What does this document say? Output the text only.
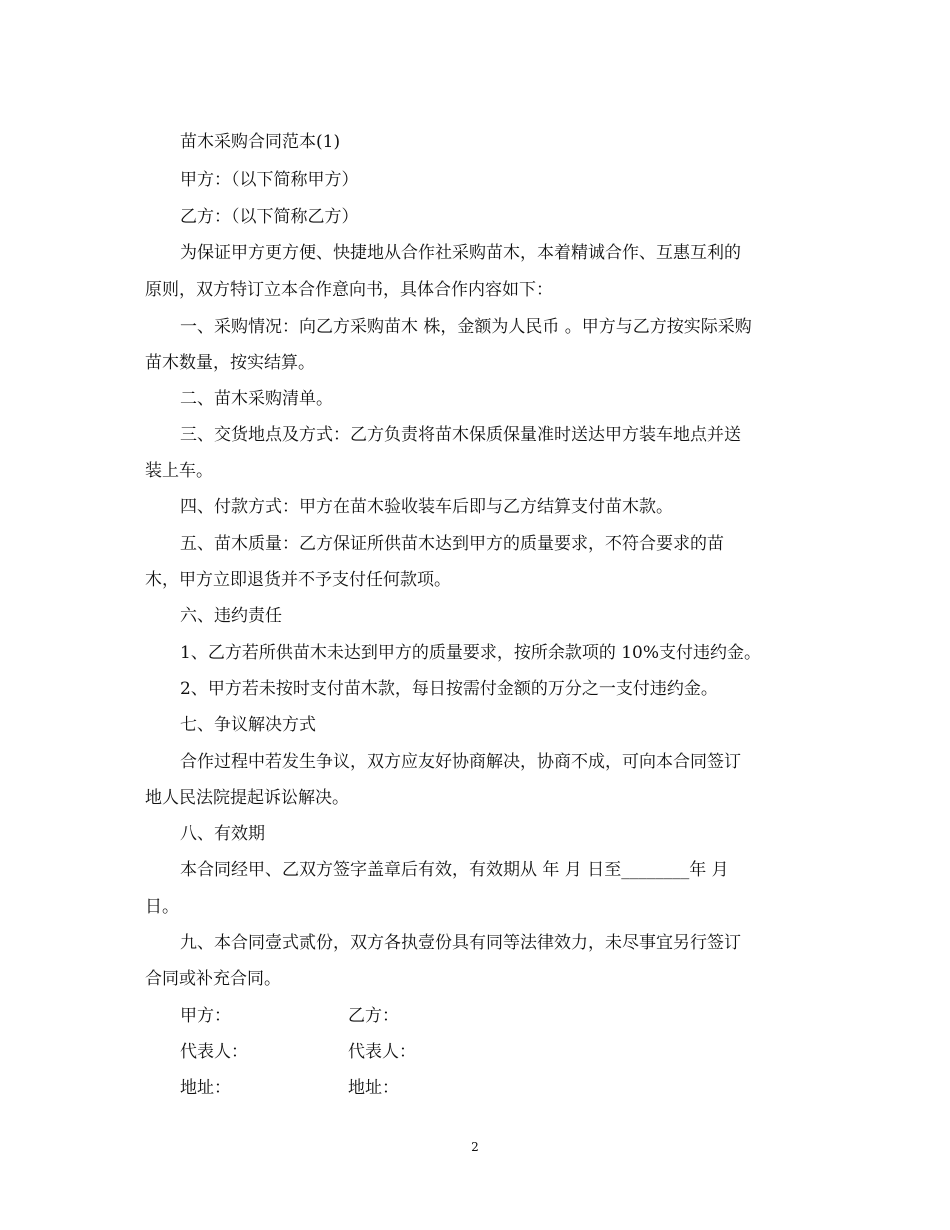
苗木采购合同范本(1)
甲方：（以下简称甲方）
乙方：（以下简称乙方）
为保证甲方更方便、快捷地从合作社采购苗木，本着精诚合作、互惠互利的
原则，双方特订立本合作意向书，具体合作内容如下：
一、采购情况：向乙方采购苗木 株，金额为人民币 。甲方与乙方按实际采购
苗木数量，按实结算。
二、苗木采购清单。
三、交货地点及方式：乙方负责将苗木保质保量准时送达甲方装车地点并送
装上车。
四、付款方式：甲方在苗木验收装车后即与乙方结算支付苗木款。
五、苗木质量：乙方保证所供苗木达到甲方的质量要求，不符合要求的苗
木，甲方立即退货并不予支付任何款项。
六、违约责任
1、乙方若所供苗木未达到甲方的质量要求，按所余款项的 10%支付违约金。
2、甲方若未按时支付苗木款，每日按需付金额的万分之一支付违约金。
七、争议解决方式
合作过程中若发生争议，双方应友好协商解决，协商不成，可向本合同签订
地人民法院提起诉讼解决。
八、有效期
本合同经甲、乙双方签字盖章后有效，有效期从 年 月 日至________年 月
日。
九、本合同壹式贰份，双方各执壹份具有同等法律效力，未尽事宜另行签订
合同或补充合同。
甲方：	乙方：
代表人：	代表人：
地址：	地址：
2
